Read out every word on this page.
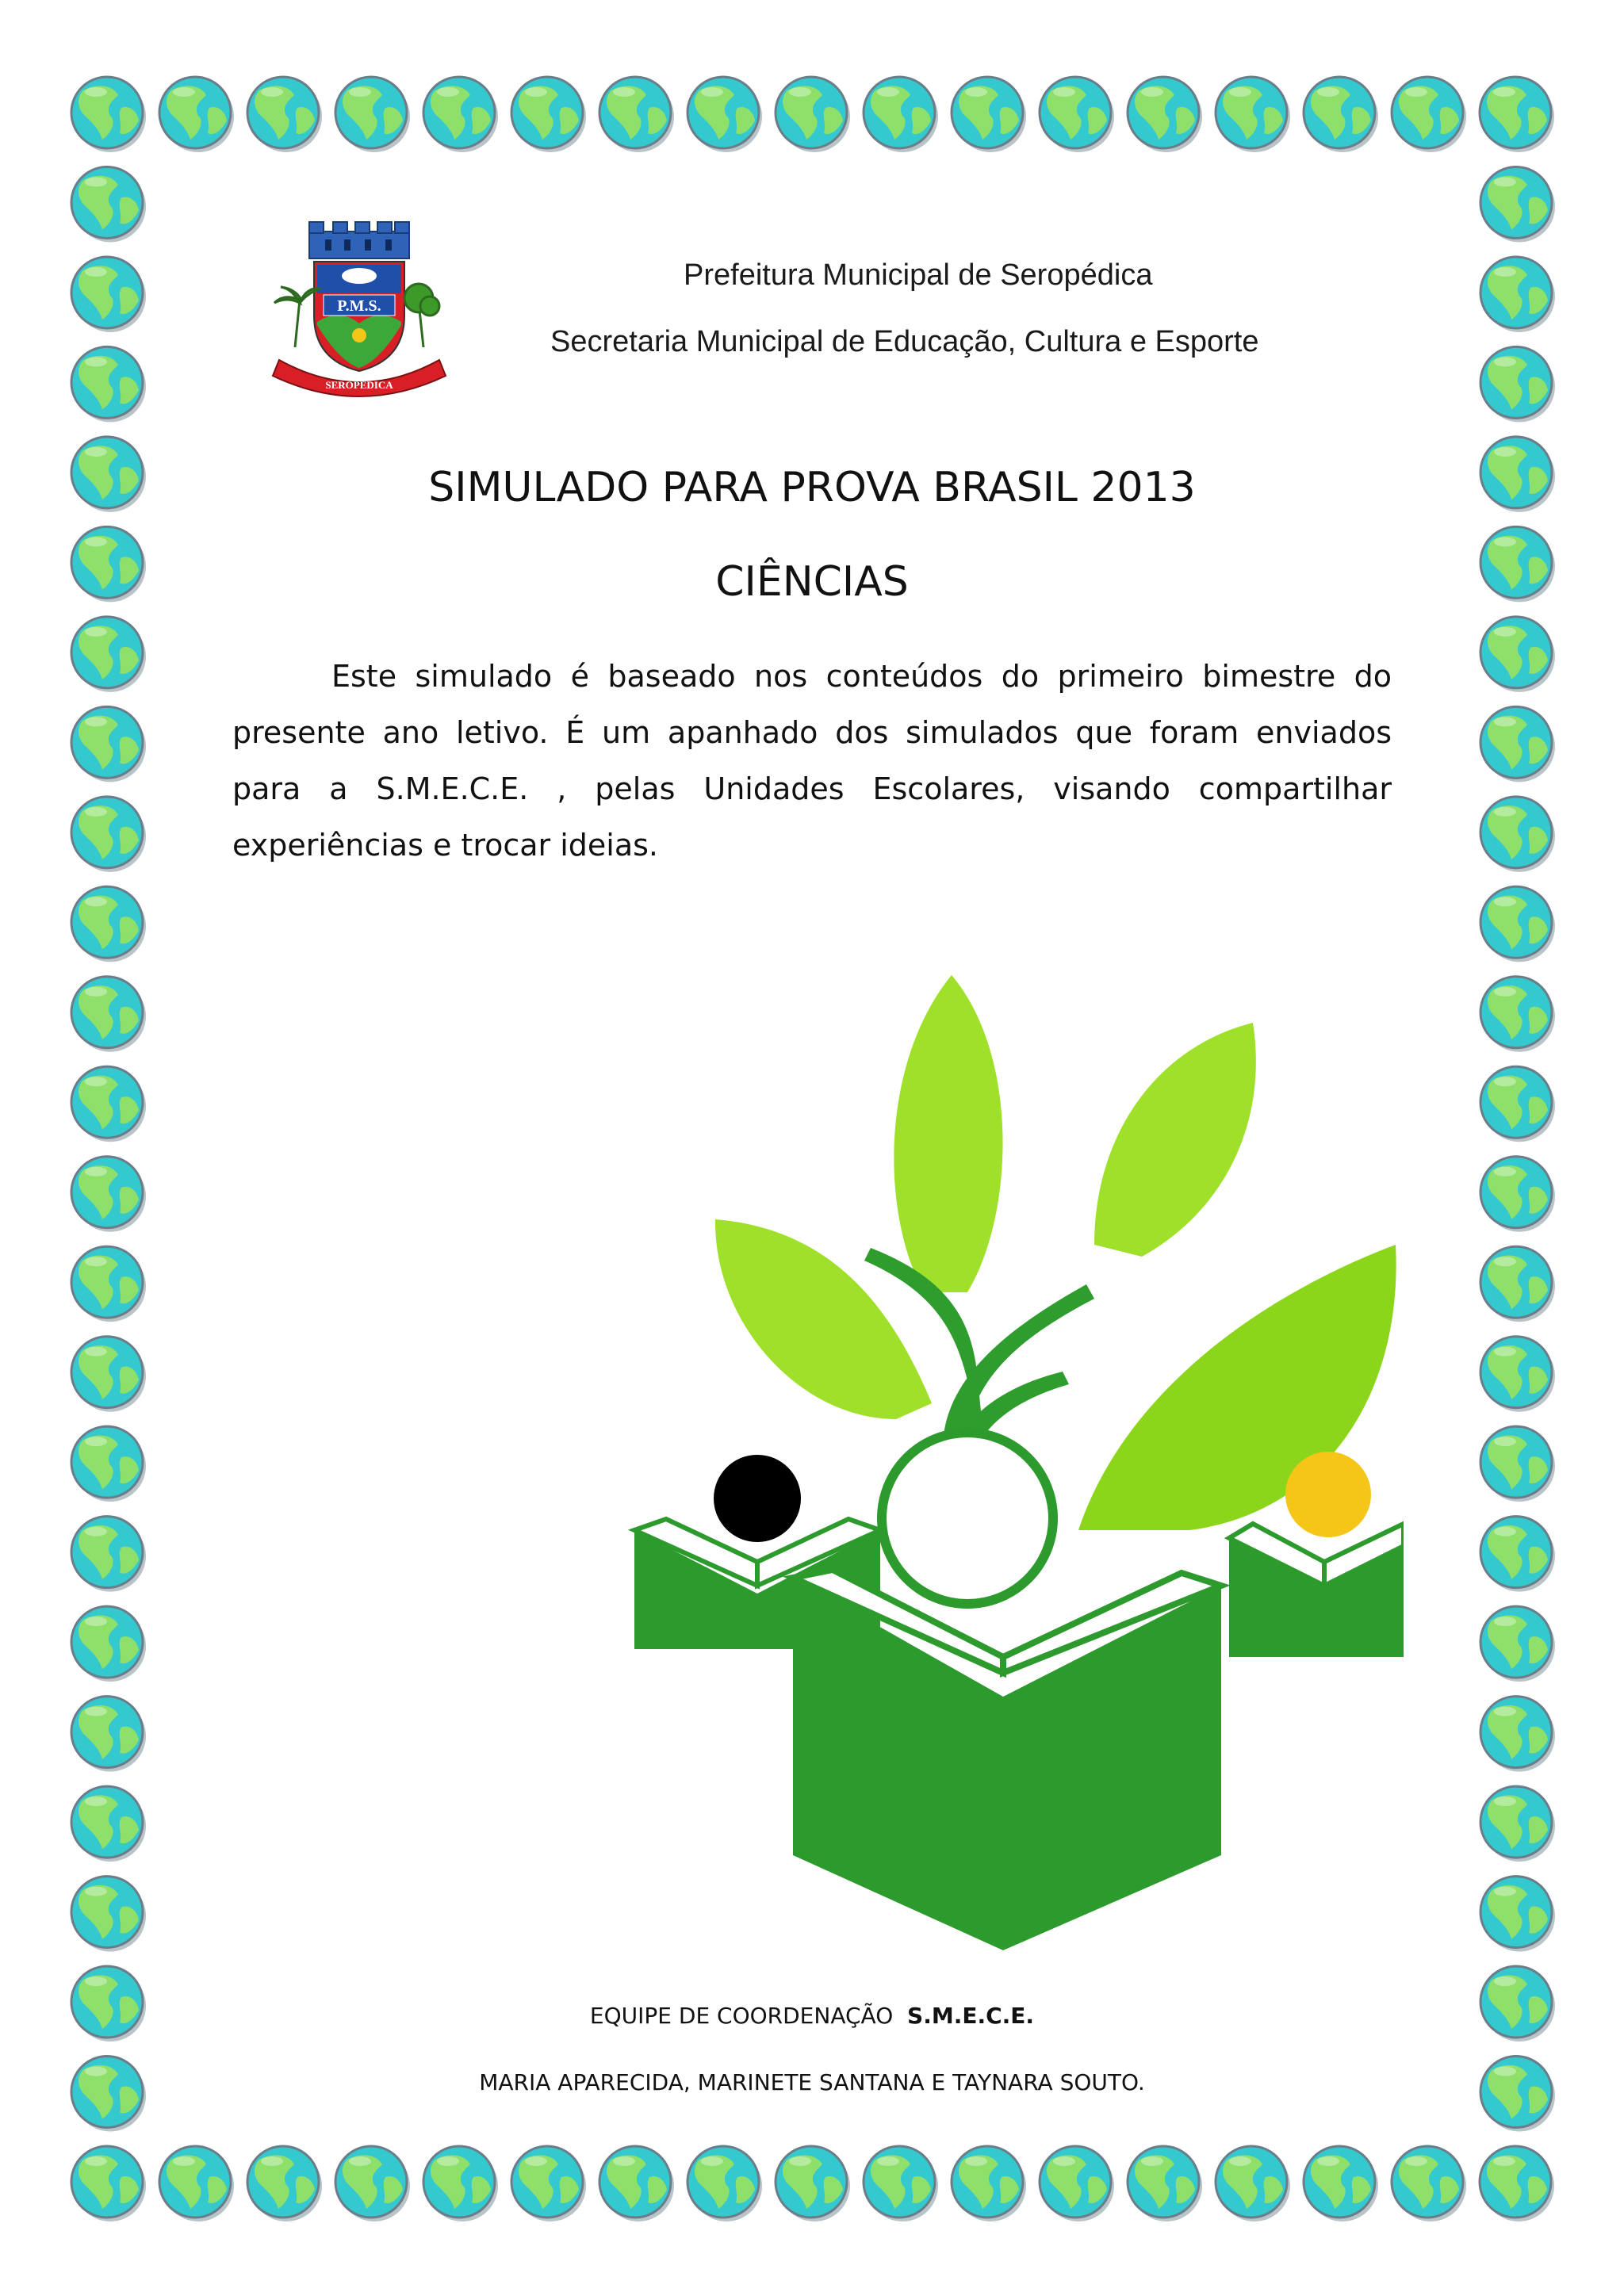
P.M.S.
SEROPÉDICA
Prefeitura Municipal de Seropédica
Secretaria Municipal de Educação, Cultura e Esporte
SIMULADO PARA PROVA BRASIL 2013
CIÊNCIAS

Este simulado é baseado nos conteúdos do primeiro bimestre do presente ano letivo. É um apanhado dos simulados que foram enviados para a S.M.E.C.E. , pelas Unidades Escolares, visando compartilhar experiências e trocar ideias.

EQUIPE DE COORDENAÇÃO S.M.E.C.E.
MARIA APARECIDA, MARINETE SANTANA E TAYNARA SOUTO.
